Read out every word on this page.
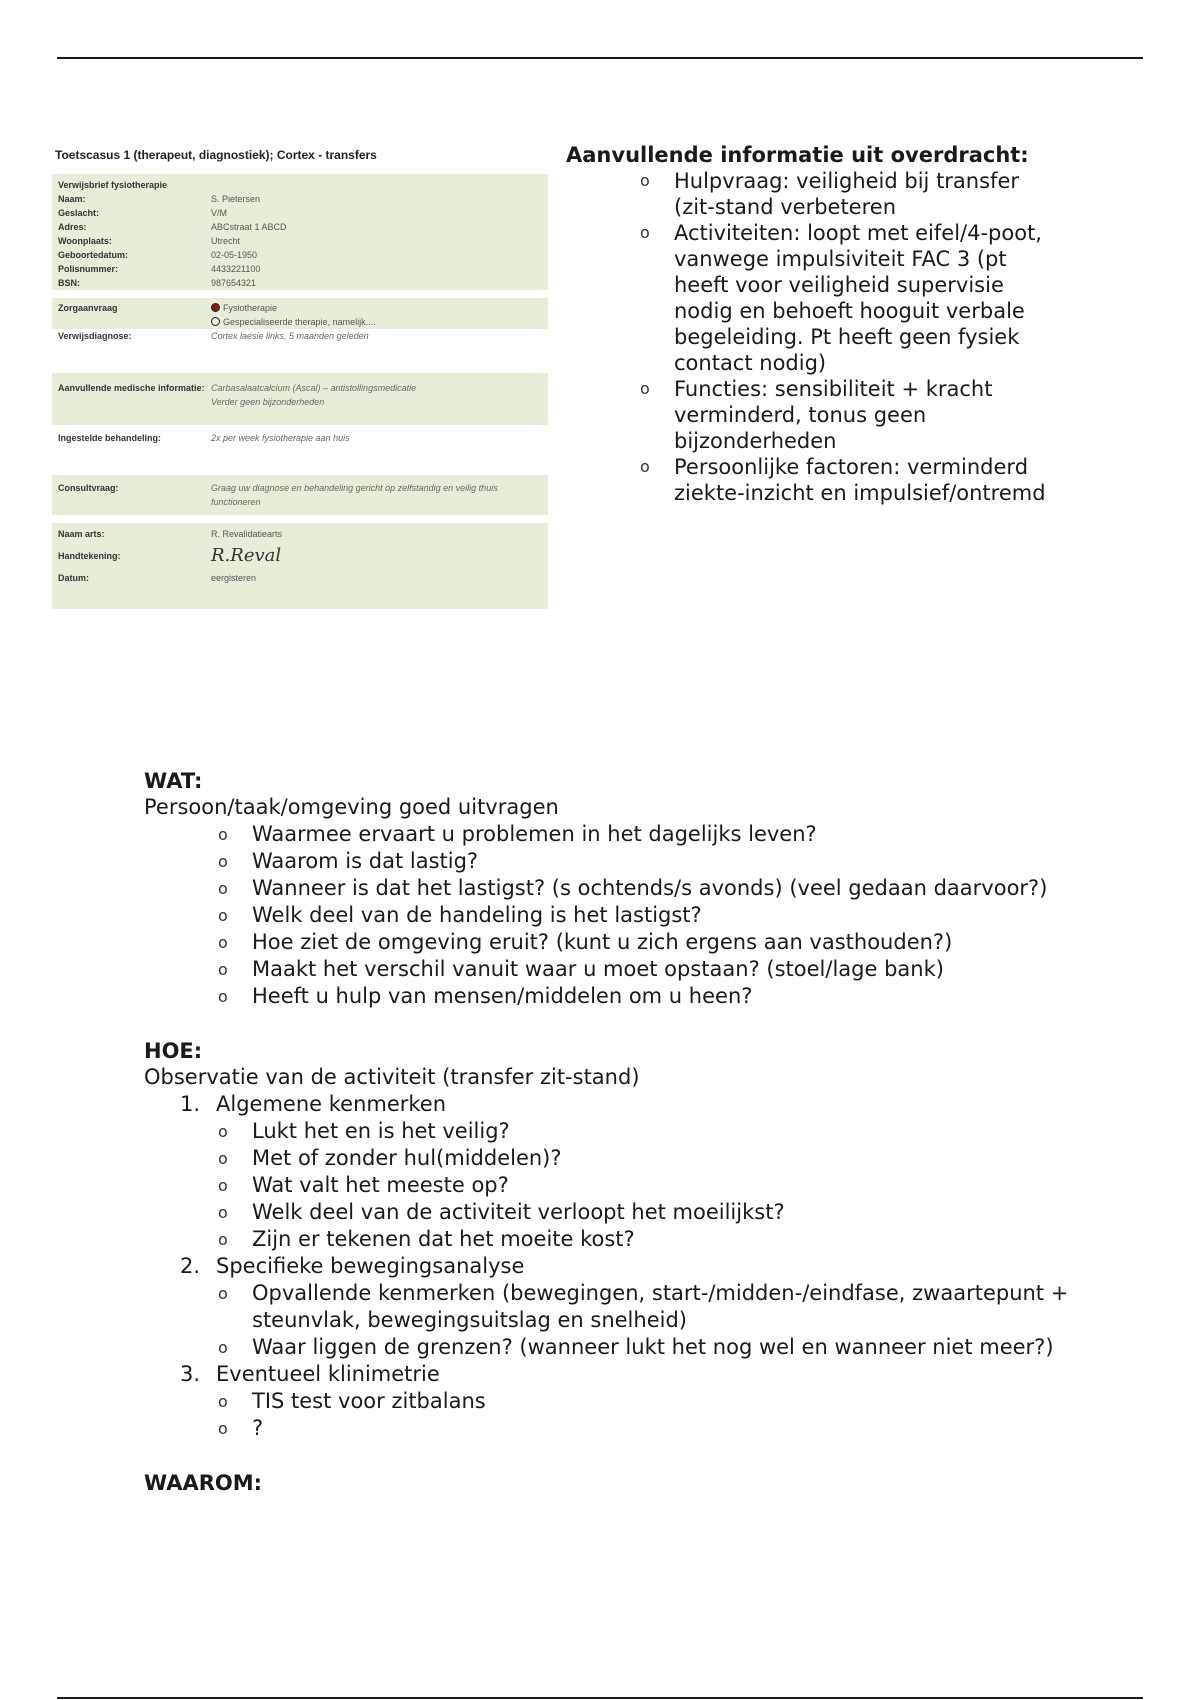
Toetscasus 1 (therapeut, diagnostiek); Cortex - transfers
Verwijsbrief fysiotherapie
Naam:	S. Pietersen
Geslacht:	V/M
Adres:	ABCstraat 1 ABCD
Woonplaats:	Utrecht
Geboortedatum:	02-05-1950
Polisnummer:	4433221100
BSN:	987654321
Zorgaanvraag	Fysiotherapie
Gespecialiseerde therapie, namelijk....
Verwijsdiagnose:	Cortex laesie links, 5 maanden geleden
Aanvullende medische informatie: Carbasalaatcalcium (Ascal) – antistollingsmedicatie
Verder geen bijzonderheden
Ingestelde behandeling:	2x per week fysiotherapie aan huis
Consultvraag:	Graag uw diagnose en behandeling gericht op zelfstandig en veilig thuis functioneren
Naam arts:	R. Revalidatiearts
Handtekening:	R.Reval
Datum:	eergisteren
Aanvullende informatie uit overdracht:
o Hulpvraag: veiligheid bij transfer (zit-stand verbeteren
o Activiteiten: loopt met eifel/4-poot, vanwege impulsiviteit FAC 3 (pt heeft voor veiligheid supervisie nodig en behoeft hooguit verbale begeleiding. Pt heeft geen fysiek contact nodig)
o Functies: sensibiliteit + kracht verminderd, tonus geen bijzonderheden
o Persoonlijke factoren: verminderd ziekte-inzicht en impulsief/ontremd
WAT:
Persoon/taak/omgeving goed uitvragen
o Waarmee ervaart u problemen in het dagelijks leven?
o Waarom is dat lastig?
o Wanneer is dat het lastigst? (s ochtends/s avonds) (veel gedaan daarvoor?)
o Welk deel van de handeling is het lastigst?
o Hoe ziet de omgeving eruit? (kunt u zich ergens aan vasthouden?)
o Maakt het verschil vanuit waar u moet opstaan? (stoel/lage bank)
o Heeft u hulp van mensen/middelen om u heen?
HOE:
Observatie van de activiteit (transfer zit-stand)
1. Algemene kenmerken
o Lukt het en is het veilig?
o Met of zonder hul(middelen)?
o Wat valt het meeste op?
o Welk deel van de activiteit verloopt het moeilijkst?
o Zijn er tekenen dat het moeite kost?
2. Specifieke bewegingsanalyse
o Opvallende kenmerken (bewegingen, start-/midden-/eindfase, zwaartepunt + steunvlak, bewegingsuitslag en snelheid)
o Waar liggen de grenzen? (wanneer lukt het nog wel en wanneer niet meer?)
3. Eventueel klinimetrie
o TIS test voor zitbalans
o ?
WAAROM:
